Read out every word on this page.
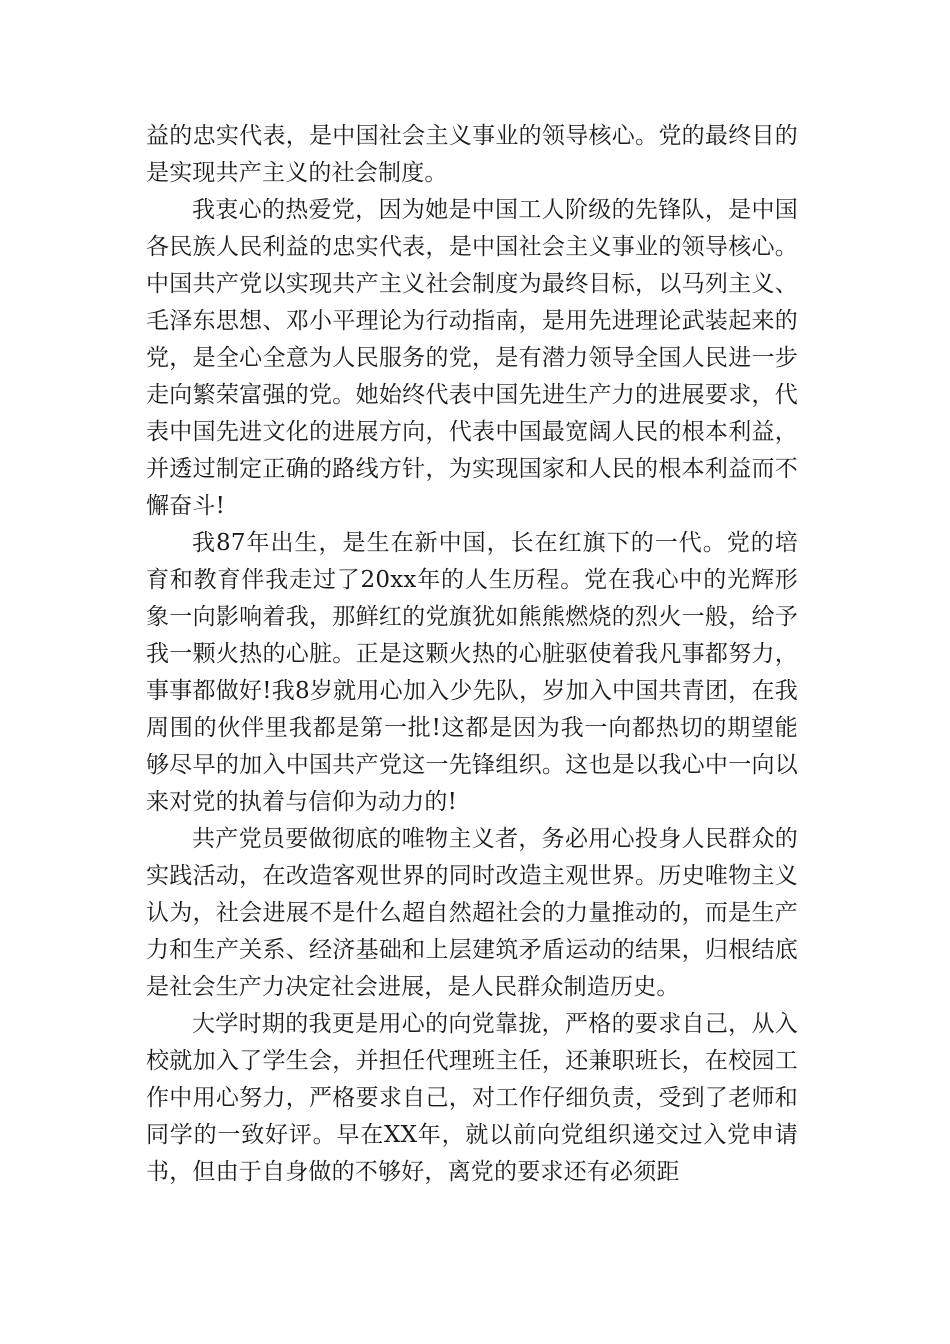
益的忠实代表，是中国社会主义事业的领导核心。党的最终目的是实现共产主义的社会制度。

我衷心的热爱党，因为她是中国工人阶级的先锋队，是中国各民族人民利益的忠实代表，是中国社会主义事业的领导核心。中国共产党以实现共产主义社会制度为最终目标，以马列主义、毛泽东思想、邓小平理论为行动指南，是用先进理论武装起来的党，是全心全意为人民服务的党，是有潜力领导全国人民进一步走向繁荣富强的党。她始终代表中国先进生产力的进展要求，代表中国先进文化的进展方向，代表中国最宽阔人民的根本利益，并透过制定正确的路线方针，为实现国家和人民的根本利益而不懈奋斗!

我87年出生，是生在新中国，长在红旗下的一代。党的培育和教育伴我走过了20xx年的人生历程。党在我心中的光辉形象一向影响着我，那鲜红的党旗犹如熊熊燃烧的烈火一般，给予我一颗火热的心脏。正是这颗火热的心脏驱使着我凡事都努力，事事都做好!我8岁就用心加入少先队，岁加入中国共青团，在我周围的伙伴里我都是第一批!这都是因为我一向都热切的期望能够尽早的加入中国共产党这一先锋组织。这也是以我心中一向以来对党的执着与信仰为动力的!

共产党员要做彻底的唯物主义者，务必用心投身人民群众的实践活动，在改造客观世界的同时改造主观世界。历史唯物主义认为，社会进展不是什么超自然超社会的力量推动的，而是生产力和生产关系、经济基础和上层建筑矛盾运动的结果，归根结底是社会生产力决定社会进展，是人民群众制造历史。

大学时期的我更是用心的向党靠拢，严格的要求自己，从入校就加入了学生会，并担任代理班主任，还兼职班长，在校园工作中用心努力，严格要求自己，对工作仔细负责，受到了老师和同学的一致好评。早在XX年，就以前向党组织递交过入党申请书，但由于自身做的不够好，离党的要求还有必须距
